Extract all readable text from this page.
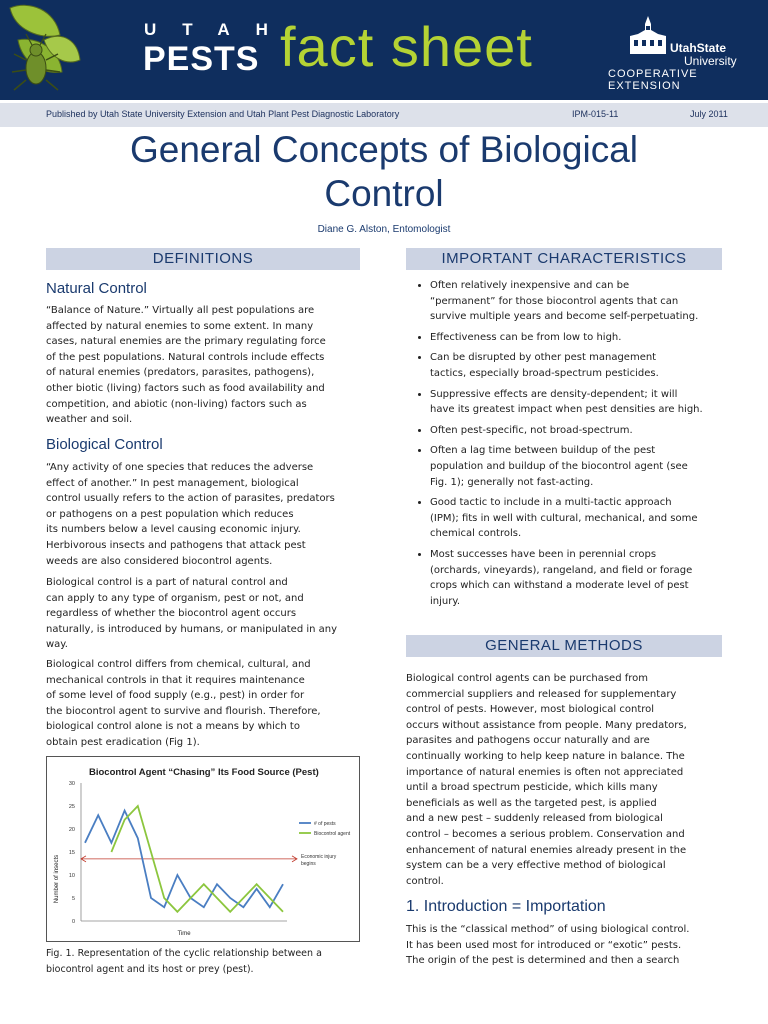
UTAH
PESTS fact sheet	UtahState
University
COOPERATIVE EXTENSION
Published by Utah State University Extension and Utah Plant Pest Diagnostic Laboratory	IPM-015-11	July 2011
General Concepts of Biological
Control
Diane G. Alston, Entomologist
DEFINITIONS
Natural Control
“Balance of Nature.” Virtually all pest populations are
affected by natural enemies to some extent. In many
cases, natural enemies are the primary regulating force
of the pest populations. Natural controls include effects
of natural enemies (predators, parasites, pathogens),
other biotic (living) factors such as food availability and
competition, and abiotic (non-living) factors such as
weather and soil.
Biological Control
“Any activity of one species that reduces the adverse
effect of another.” In pest management, biological
control usually refers to the action of parasites, predators
or pathogens on a pest population which reduces
its numbers below a level causing economic injury.
Herbivorous insects and pathogens that attack pest
weeds are also considered biocontrol agents.
Biological control is a part of natural control and
can apply to any type of organism, pest or not, and
regardless of whether the biocontrol agent occurs
naturally, is introduced by humans, or manipulated in any
way.
Biological control differs from chemical, cultural, and
mechanical controls in that it requires maintenance
of some level of food supply (e.g., pest) in order for
the biocontrol agent to survive and flourish. Therefore,
biological control alone is not a means by which to
obtain pest eradication (Fig 1).
Biocontrol Agent “Chasing” Its Food Source (Pest)
Number of insects
Time
0
5
10
15
20
25
30
Economic injury
begins
# of pests
Biocontrol agent
Fig. 1. Representation of the cyclic relationship between a
biocontrol agent and its host or prey (pest).
IMPORTANT CHARACTERISTICS
• Often relatively inexpensive and can be
“permanent” for those biocontrol agents that can
survive multiple years and become self-perpetuating.
• Effectiveness can be from low to high.
• Can be disrupted by other pest management
tactics, especially broad-spectrum pesticides.
• Suppressive effects are density-dependent; it will
have its greatest impact when pest densities are high.
• Often pest-specific, not broad-spectrum.
• Often a lag time between buildup of the pest
population and buildup of the biocontrol agent (see
Fig. 1); generally not fast-acting.
• Good tactic to include in a multi-tactic approach
(IPM); fits in well with cultural, mechanical, and some
chemical controls.
• Most successes have been in perennial crops
(orchards, vineyards), rangeland, and field or forage
crops which can withstand a moderate level of pest
injury.
GENERAL METHODS
Biological control agents can be purchased from
commercial suppliers and released for supplementary
control of pests. However, most biological control
occurs without assistance from people. Many predators,
parasites and pathogens occur naturally and are
continually working to help keep nature in balance. The
importance of natural enemies is often not appreciated
until a broad spectrum pesticide, which kills many
beneficials as well as the targeted pest, is applied
and a new pest – suddenly released from biological
control – becomes a serious problem. Conservation and
enhancement of natural enemies already present in the
system can be a very effective method of biological
control.
1. Introduction = Importation
This is the “classical method” of using biological control.
It has been used most for introduced or “exotic” pests.
The origin of the pest is determined and then a search
